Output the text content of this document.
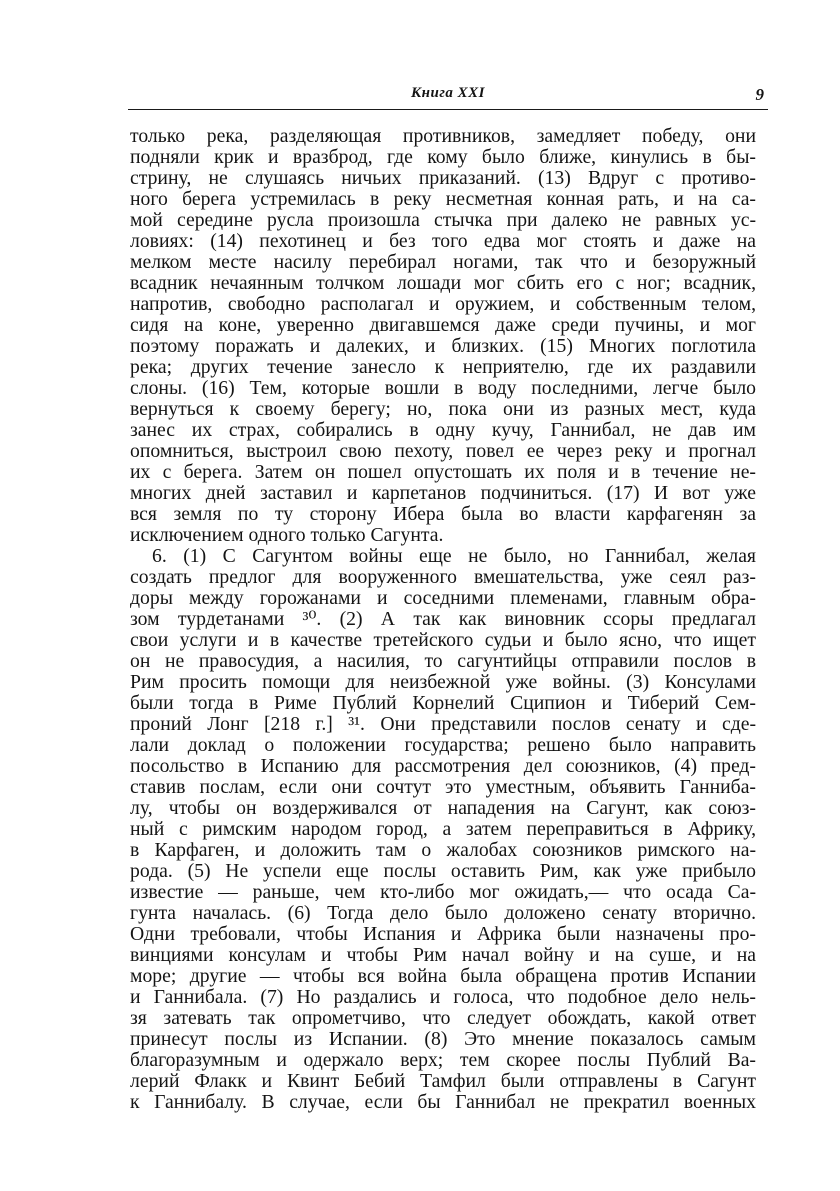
Книга XXI	9
только река, разделяющая противников, замедляет победу, они
подняли крик и вразброд, где кому было ближе, кинулись в бы-
стрину, не слушаясь ничьих приказаний. (13) Вдруг с противо-
ного берега устремилась в реку несметная конная рать, и на са-
мой середине русла произошла стычка при далеко не равных ус-
ловиях: (14) пехотинец и без того едва мог стоять и даже на
мелком месте насилу перебирал ногами, так что и безоружный
всадник нечаянным толчком лошади мог сбить его с ног; всадник,
напротив, свободно располагал и оружием, и собственным телом,
сидя на коне, уверенно двигавшемся даже среди пучины, и мог
поэтому поражать и далеких, и близких. (15) Многих поглотила
река; других течение занесло к неприятелю, где их раздавили
слоны. (16) Тем, которые вошли в воду последними, легче было
вернуться к своему берегу; но, пока они из разных мест, куда
занес их страх, собирались в одну кучу, Ганнибал, не дав им
опомниться, выстроил свою пехоту, повел ее через реку и прогнал
их с берега. Затем он пошел опустошать их поля и в течение не-
многих дней заставил и карпетанов подчиниться. (17) И вот уже
вся земля по ту сторону Ибера была во власти карфагенян за
исключением одного только Сагунта.
6. (1) С Сагунтом войны еще не было, но Ганнибал, желая
создать предлог для вооруженного вмешательства, уже сеял раз-
доры между горожанами и соседними племенами, главным обра-
зом турдетанами ³⁰. (2) А так как виновник ссоры предлагал
свои услуги и в качестве третейского судьи и было ясно, что ищет
он не правосудия, а насилия, то сагунтийцы отправили послов в
Рим просить помощи для неизбежной уже войны. (3) Консулами
были тогда в Риме Публий Корнелий Сципион и Тиберий Сем-
проний Лонг [218 г.] ³¹. Они представили послов сенату и сде-
лали доклад о положении государства; решено было направить
посольство в Испанию для рассмотрения дел союзников, (4) пред-
ставив послам, если они сочтут это уместным, объявить Ганниба-
лу, чтобы он воздерживался от нападения на Сагунт, как союз-
ный с римским народом город, а затем переправиться в Африку,
в Карфаген, и доложить там о жалобах союзников римского на-
рода. (5) Не успели еще послы оставить Рим, как уже прибыло
известие — раньше, чем кто-либо мог ожидать,— что осада Са-
гунта началась. (6) Тогда дело было доложено сенату вторично.
Одни требовали, чтобы Испания и Африка были назначены про-
винциями консулам и чтобы Рим начал войну и на суше, и на
море; другие — чтобы вся война была обращена против Испании
и Ганнибала. (7) Но раздались и голоса, что подобное дело нель-
зя затевать так опрометчиво, что следует обождать, какой ответ
принесут послы из Испании. (8) Это мнение показалось самым
благоразумным и одержало верх; тем скорее послы Публий Ва-
лерий Флакк и Квинт Бебий Тамфил были отправлены в Сагунт
к Ганнибалу. В случае, если бы Ганнибал не прекратил военных
